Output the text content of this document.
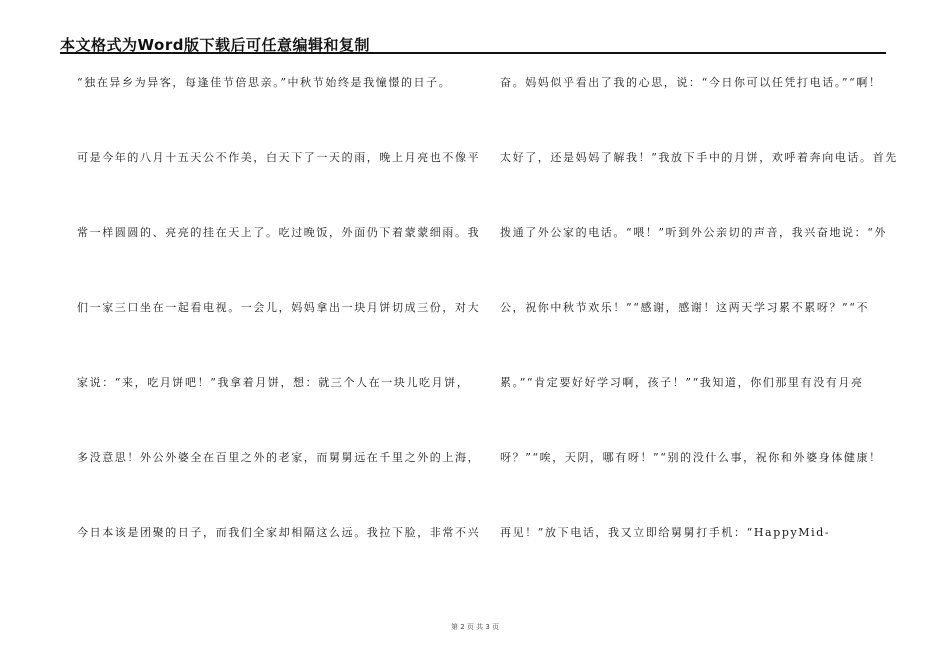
本文格式为Word版下载后可任意编辑和复制
“独在异乡为异客，每逢佳节倍思亲。”中秋节始终是我憧憬的日子。
可是今年的八月十五天公不作美，白天下了一天的雨，晚上月亮也不像平
常一样圆圆的、亮亮的挂在天上了。吃过晚饭，外面仍下着蒙蒙细雨。我
们一家三口坐在一起看电视。一会儿，妈妈拿出一块月饼切成三份，对大
家说：“来，吃月饼吧！”我拿着月饼，想：就三个人在一块儿吃月饼，
多没意思！外公外婆全在百里之外的老家，而舅舅远在千里之外的上海，
今日本该是团聚的日子，而我们全家却相隔这么远。我拉下脸，非常不兴
奋。妈妈似乎看出了我的心思，说：“今日你可以任凭打电话。”“啊！
太好了，还是妈妈了解我！”我放下手中的月饼，欢呼着奔向电话。首先
拨通了外公家的电话。“喂！”听到外公亲切的声音，我兴奋地说：“外
公，祝你中秋节欢乐！”“感谢，感谢！这两天学习累不累呀？”“不
累。”“肯定要好好学习啊，孩子！”“我知道，你们那里有没有月亮
呀？”“唉，天阴，哪有呀！”“别的没什么事，祝你和外婆身体健康！
再见！”放下电话，我又立即给舅舅打手机：“HappyMid-
第 2 页 共 3 页
